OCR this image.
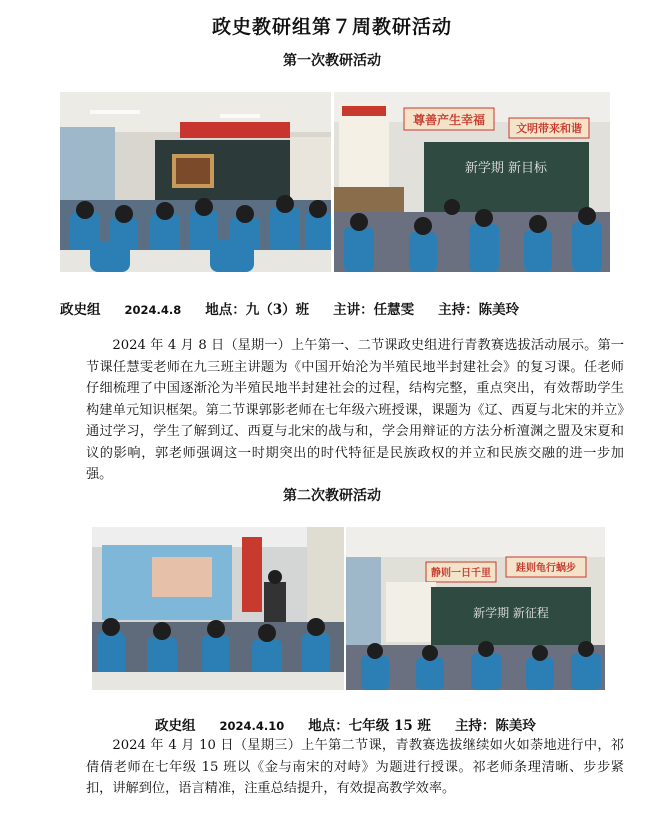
政史教研组第７周教研活动
第一次教研活动
尊善产生幸福
文明带来和谐
新学期 新目标
政史组 2024.4.8 地点：九（3）班 主讲：任慧雯 主持：陈美玲
2024 年 4 月 8 日（星期一）上午第一、二节课政史组进行青教赛选拔活动展示。第一节课任慧雯老师在九三班主讲题为《中国开始沦为半殖民地半封建社会》的复习课。任老师仔细梳理了中国逐渐沦为半殖民地半封建社会的过程，结构完整，重点突出，有效帮助学生构建单元知识框架。第二节课郭影老师在七年级六班授课，课题为《辽、西夏与北宋的并立》通过学习，学生了解到辽、西夏与北宋的战与和，学会用辩证的方法分析澶渊之盟及宋夏和议的影响，郭老师强调这一时期突出的时代特征是民族政权的并立和民族交融的进一步加强。
第二次教研活动
静则一日千里	跬则龟行蜗步
新学期 新征程
政史组 2024.4.10 地点：七年级 15 班 主持：陈美玲
2024 年 4 月 10 日（星期三）上午第二节课，青教赛选拔继续如火如荼地进行中，祁倩倩老师在七年级 15 班以《金与南宋的对峙》为题进行授课。祁老师条理清晰、步步紧扣，讲解到位，语言精准，注重总结提升，有效提高教学效率。
